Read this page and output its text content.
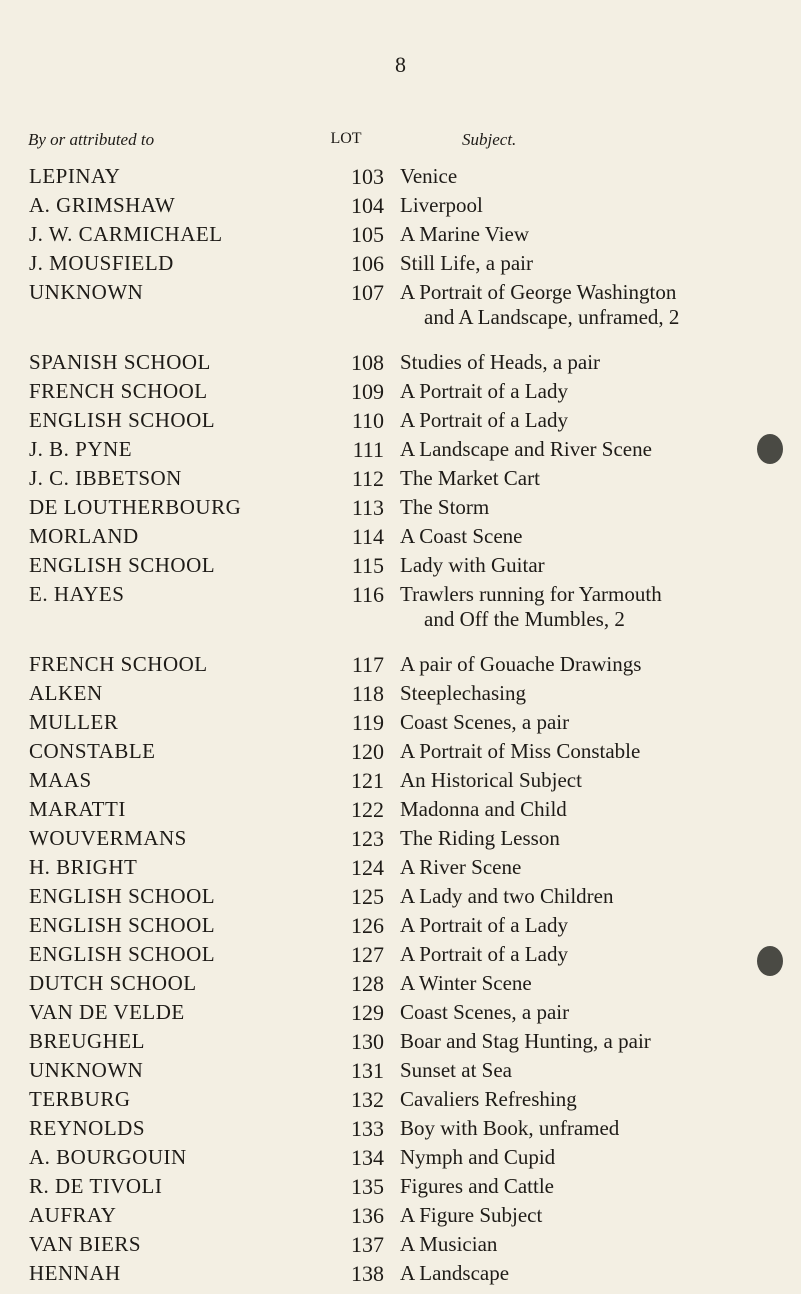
8
By or attributed to	LOT	Subject.
LEPINAY	103 Venice
A. GRIMSHAW	104 Liverpool
J. W. CARMICHAEL	105 A Marine View
J. MOUSFIELD	106 Still Life, a pair
UNKNOWN	107 A Portrait of George Washington
and A Landscape, unframed, 2
SPANISH SCHOOL	108 Studies of Heads, a pair
FRENCH SCHOOL	109 A Portrait of a Lady
ENGLISH SCHOOL	110 A Portrait of a Lady
J. B. PYNE	111 A Landscape and River Scene
J. C. IBBETSON	112 The Market Cart
DE LOUTHERBOURG	113 The Storm
MORLAND	114 A Coast Scene
ENGLISH SCHOOL	115 Lady with Guitar
E. HAYES	116 Trawlers running for Yarmouth
and Off the Mumbles, 2
FRENCH SCHOOL	117 A pair of Gouache Drawings
ALKEN	118 Steeplechasing
MULLER	119 Coast Scenes, a pair
CONSTABLE	120 A Portrait of Miss Constable
MAAS	121 An Historical Subject
MARATTI	122 Madonna and Child
WOUVERMANS	123 The Riding Lesson
H. BRIGHT	124 A River Scene
ENGLISH SCHOOL	125 A Lady and two Children
ENGLISH SCHOOL	126 A Portrait of a Lady
ENGLISH SCHOOL	127 A Portrait of a Lady
DUTCH SCHOOL	128 A Winter Scene
VAN DE VELDE	129 Coast Scenes, a pair
BREUGHEL	130 Boar and Stag Hunting, a pair
UNKNOWN	131 Sunset at Sea
TERBURG	132 Cavaliers Refreshing
REYNOLDS	133 Boy with Book, unframed
A. BOURGOUIN	134 Nymph and Cupid
R. DE TIVOLI	135 Figures and Cattle
AUFRAY	136 A Figure Subject
VAN BIERS	137 A Musician
HENNAH	138 A Landscape
